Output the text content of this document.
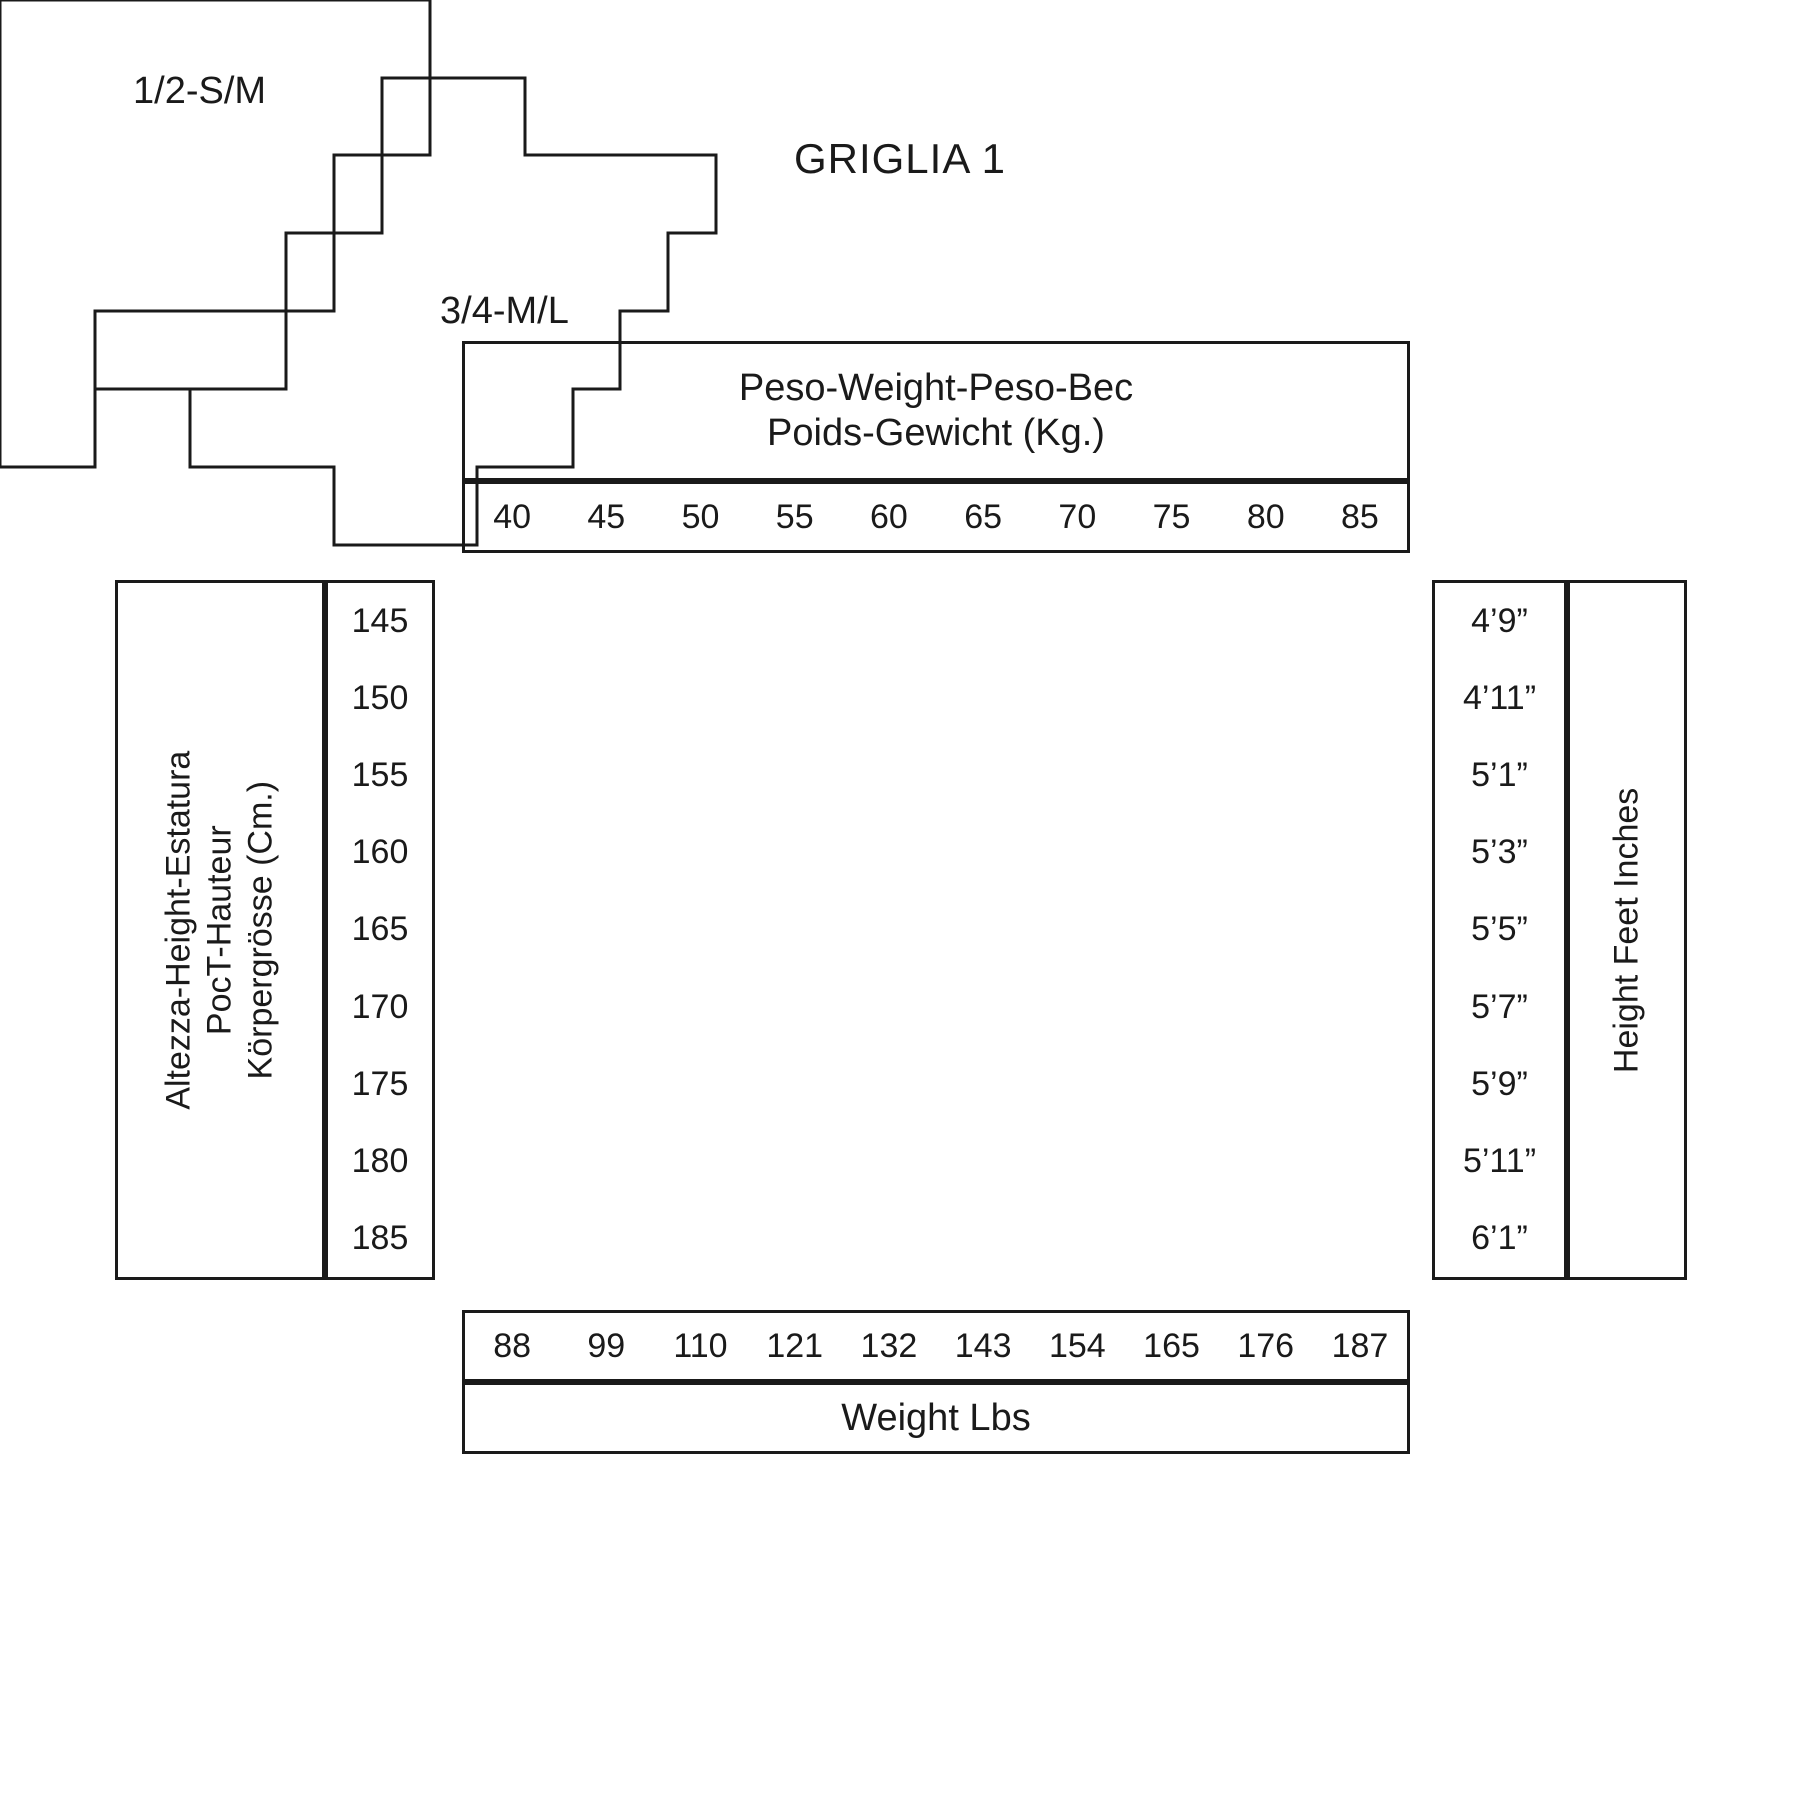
GRIGLIA 1
Peso-Weight-Peso-Bec
Poids-Gewicht (Kg.)
40	45	50	55	60	65	70	75	80	85
Altezza-Height-Estatura PocT-Hauteur Körpergrösse (Cm.)
145
150
155
160
165
170
175
180
185
1/2-S/M
3/4-M/L
4’9”
4’11”
5’1”
5’3”
5’5”
5’7”
5’9”
5’11”
6’1”
Height Feet Inches
88	99	110	121	132	143	154	165	176	187
Weight Lbs
